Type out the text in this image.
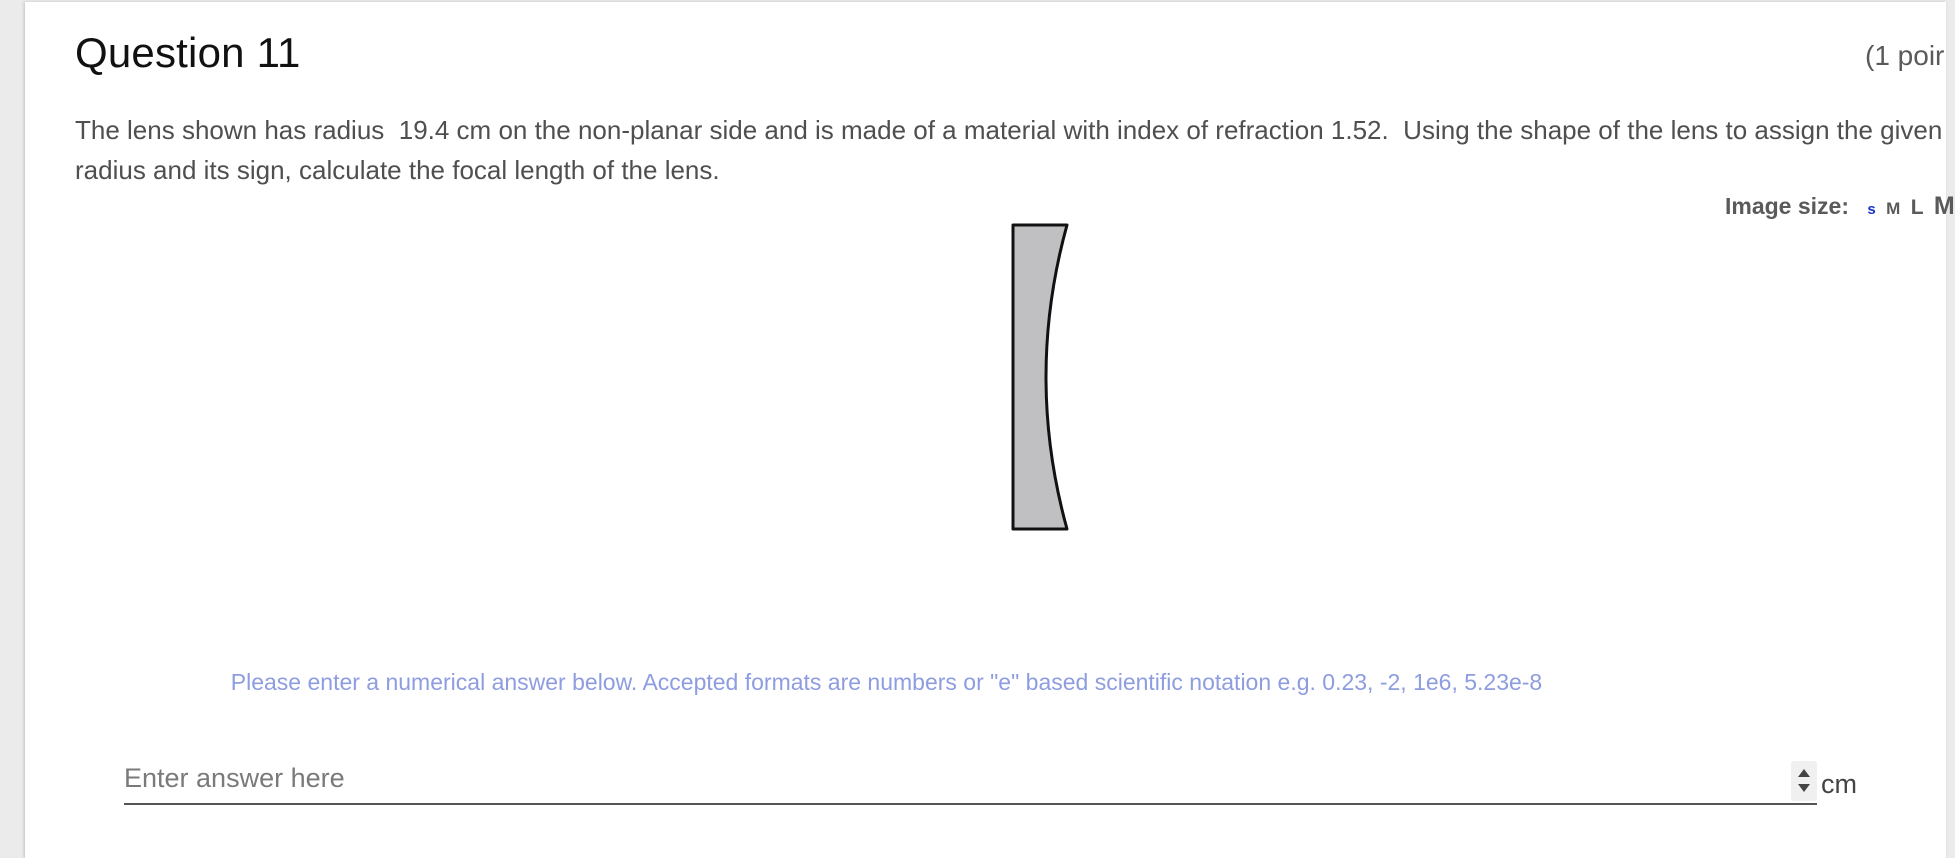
Question 11	(1 poir
The lens shown has radius  19.4 cm on the non-planar side and is made of a material with index of refraction 1.52.  Using the shape of the lens to assign the given radius and its sign, calculate the focal length of the lens.
Image size: s M L M
Please enter a numerical answer below. Accepted formats are numbers or "e" based scientific notation e.g. 0.23, -2, 1e6, 5.23e-8
Enter answer here
cm
